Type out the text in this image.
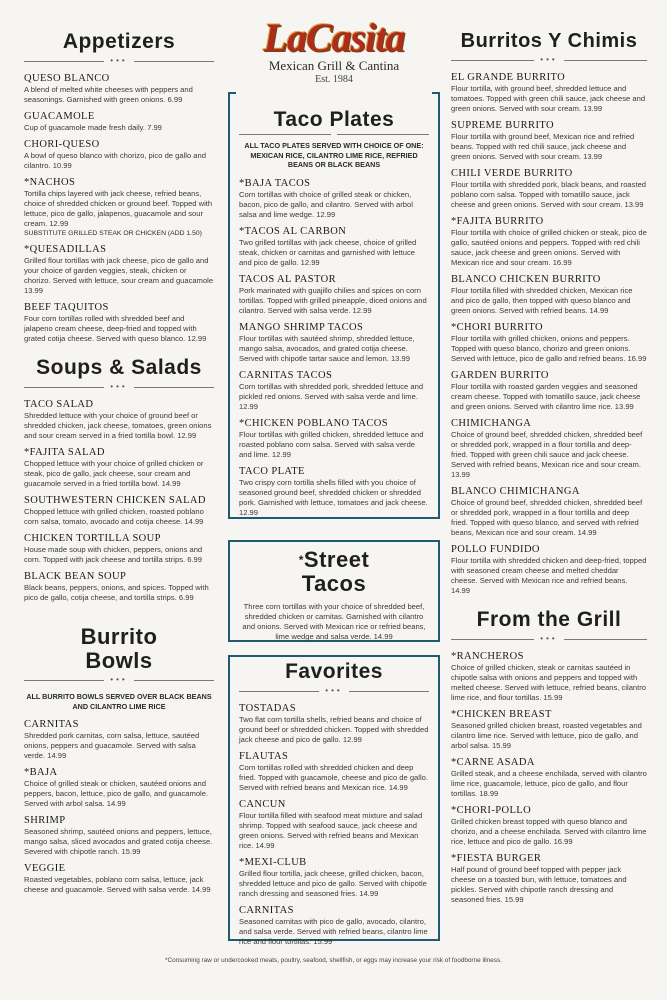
Appetizers
•••
QUESO BLANCO
A blend of melted white cheeses with peppers and seasonings. Garnished with green onions. 6.99
GUACAMOLE
Cup of guacamole made fresh daily. 7.99
CHORI-QUESO
A bowl of queso blanco with chorizo, pico de gallo and cilantro. 10.99
*NACHOS
Tortilla chips layered with jack cheese, refried beans, choice of shredded chicken or ground beef. Topped with lettuce, pico de gallo, jalapenos, guacamole and sour cream. 12.99
SUBSTITUTE GRILLED STEAK OR CHICKEN (ADD 1.50)
*QUESADILLAS
Grilled flour tortillas with jack cheese, pico de gallo and your choice of garden veggies, steak, chicken or chorizo. Served with lettuce, sour cream and guacamole 13.99
BEEF TAQUITOS
Four corn tortillas rolled with shredded beef and jalapeno cream cheese, deep-fried and topped with grated cotija cheese. Served with queso blanco. 12.99
Soups & Salads
•••
TACO SALAD
Shredded lettuce with your choice of ground beef or shredded chicken, jack cheese, tomatoes, green onions and sour cream served in a fried tortilla bowl. 12.99
*FAJITA SALAD
Chopped lettuce with your choice of grilled chicken or steak, pico de gallo, jack cheese, sour cream and guacamole served in a fried tortilla bowl. 14.99
SOUTHWESTERN CHICKEN SALAD
Chopped lettuce with grilled chicken, roasted poblano corn salsa, tomato, avocado and cotija cheese. 14.99
CHICKEN TORTILLA SOUP
House made soup with chicken, peppers, onions and corn. Topped with jack cheese and tortilla strips. 6.99
BLACK BEAN SOUP
Black beans, peppers, onions, and spices. Topped with pico de gallo, cotija cheese, and tortilla strips. 6.99
Burrito
Bowls
•••
ALL BURRITO BOWLS SERVED OVER BLACK BEANS AND CILANTRO LIME RICE
CARNITAS
Shredded pork carnitas, corn salsa, lettuce, sautéed onions, peppers and guacamole. Served with salsa verde. 14.99
*BAJA
Choice of grilled steak or chicken, sautéed onions and peppers, bacon, lettuce, pico de gallo, and guacamole. Served with arbol salsa. 14.99
SHRIMP
Seasoned shrimp, sautéed onions and peppers, lettuce, mango salsa, sliced avocados and grated cotija cheese. Severed with chipotle ranch. 15.99
VEGGIE
Roasted vegetables, poblano corn salsa, lettuce, jack cheese and guacamole. Served with salsa verde. 14.99
LaCasita
Mexican Grill & Cantina
Est. 1984
Taco Plates
ALL TACO PLATES SERVED WITH CHOICE OF ONE: MEXICAN RICE, CILANTRO LIME RICE, REFRIED BEANS OR BLACK BEANS
*BAJA TACOS
Corn tortillas with choice of grilled steak or chicken, bacon, pico de gallo, and cilantro. Served with arbol salsa and lime wedge. 12.99
*TACOS AL CARBON
Two grilled tortillas with jack cheese, choice of grilled steak, chicken or carnitas and garnished with lettuce and pico de gallo. 12.99
TACOS AL PASTOR
Pork marinated with guajillo chilies and spices on corn tortillas. Topped with grilled pineapple, diced onions and cilantro. Served with salsa verde. 12.99
MANGO SHRIMP TACOS
Flour tortillas with sautéed shrimp, shredded lettuce, mango salsa, avocados, and grated cotija cheese. Served with chipotle tartar sauce and lemon. 13.99
CARNITAS TACOS
Corn tortillas with shredded pork, shredded lettuce and pickled red onions. Served with salsa verde and lime. 12.99
*CHICKEN POBLANO TACOS
Flour tortillas with grilled chicken, shredded lettuce and roasted poblano corn salsa. Served with salsa verde and lime. 12.99
TACO PLATE
Two crispy corn tortilla shells filled with you choice of seasoned ground beef, shredded chicken or shredded pork. Garnished with lettuce, tomatoes and jack cheese. 12.99
*Street
Tacos
Three corn tortillas with your choice of shredded beef, shredded chicken or carnitas. Garnished with cilantro and onions. Served with Mexican rice or refried beans, lime wedge and salsa verde. 14.99
Favorites
•••
TOSTADAS
Two flat corn tortilla shells, refried beans and choice of ground beef or shredded chicken. Topped with shredded jack cheese and pico de gallo. 12.99
FLAUTAS
Corn tortillas rolled with shredded chicken and deep fried. Topped with guacamole, cheese and pico de gallo. Served with refried beans and Mexican rice. 14.99
CANCUN
Flour tortilla filled with seafood meat mixture and salad shrimp. Topped with seafood sauce, jack cheese and green onions. Served with refried beans and Mexican rice. 14.99
*MEXI-CLUB
Grilled flour tortilla, jack cheese, grilled chicken, bacon, shredded lettuce and pico de gallo. Served with chipotle ranch dressing and seasoned fries. 14.99
CARNITAS
Seasoned carnitas with pico de gallo, avocado, cilantro, and salsa verde. Served with refried beans, cilantro lime rice and flour tortillas. 15.99
Burritos Y Chimis
•••
EL GRANDE BURRITO
Flour tortilla, with ground beef, shredded lettuce and tomatoes. Topped with green chili sauce, jack cheese and green onions. Served with sour cream. 13.99
SUPREME BURRITO
Flour tortilla with ground beef, Mexican rice and refried beans. Topped with red chili sauce, jack cheese and green onions. Served with sour cream. 13.99
CHILI VERDE BURRITO
Flour tortilla with shredded pork, black beans, and roasted poblano corn salsa. Topped with tomatillo sauce, jack cheese and green onions. Served with sour cream. 13.99
*FAJITA BURRITO
Flour tortilla with choice of grilled chicken or steak, pico de gallo, sautéed onions and peppers. Topped with red chili sauce, jack cheese and green onions. Served with Mexican rice and sour cream. 16.99
BLANCO CHICKEN BURRITO
Flour tortilla filled with shredded chicken, Mexican rice and pico de gallo, then topped with queso blanco and green onions. Served with refried beans. 14.99
*CHORI BURRITO
Flour tortilla with grilled chicken, onions and peppers. Topped with queso blanco, chorizo and green onions. Served with lettuce, pico de gallo and refried beans. 16.99
GARDEN BURRITO
Flour tortilla with roasted garden veggies and seasoned cream cheese. Topped with tomatillo sauce, jack cheese and green onions. Served with cilantro lime rice. 13.99
CHIMICHANGA
Choice of ground beef, shredded chicken, shredded beef or shredded pork, wrapped in a flour tortilla and deep-fried. Topped with green chili sauce and jack cheese. Served with refried beans, Mexican rice and sour cream. 13.99
BLANCO CHIMICHANGA
Choice of ground beef, shredded chicken, shredded beef or shredded pork, wrapped in a flour tortilla and deep fried. Topped with queso blanco, and served with refried beans, Mexican rice and sour cream. 14.99
POLLO FUNDIDO
Flour tortilla with shredded chicken and deep-fried, topped with seasoned cream cheese and melted cheddar cheese. Served with Mexican rice and refried beans. 14.99
From the Grill
•••
*RANCHEROS
Choice of grilled chicken, steak or carnitas sautéed in chipotle salsa with onions and peppers and topped with melted cheese. Served with lettuce, refried beans, cilantro lime rice, and flour tortillas. 15.99
*CHICKEN BREAST
Seasoned grilled chicken breast, roasted vegetables and cilantro lime rice. Served with lettuce, pico de gallo, and arbol salsa. 15.99
*CARNE ASADA
Grilled steak, and a cheese enchilada, served with cilantro lime rice, guacamole, lettuce, pico de gallo, and flour tortillas. 18.99
*CHORI-POLLO
Grilled chicken breast topped with queso blanco and chorizo, and a cheese enchilada. Served with cilantro lime rice, lettuce and pico de gallo. 16.99
*FIESTA BURGER
Half pound of ground beef topped with pepper jack cheese on a toasted bun, with lettuce, tomatoes and pickles. Served with chipotle ranch dressing and seasoned fries. 15.99
*Consuming raw or undercooked meats, poultry, seafood, shellfish, or eggs may increase your risk of foodborne illness.
